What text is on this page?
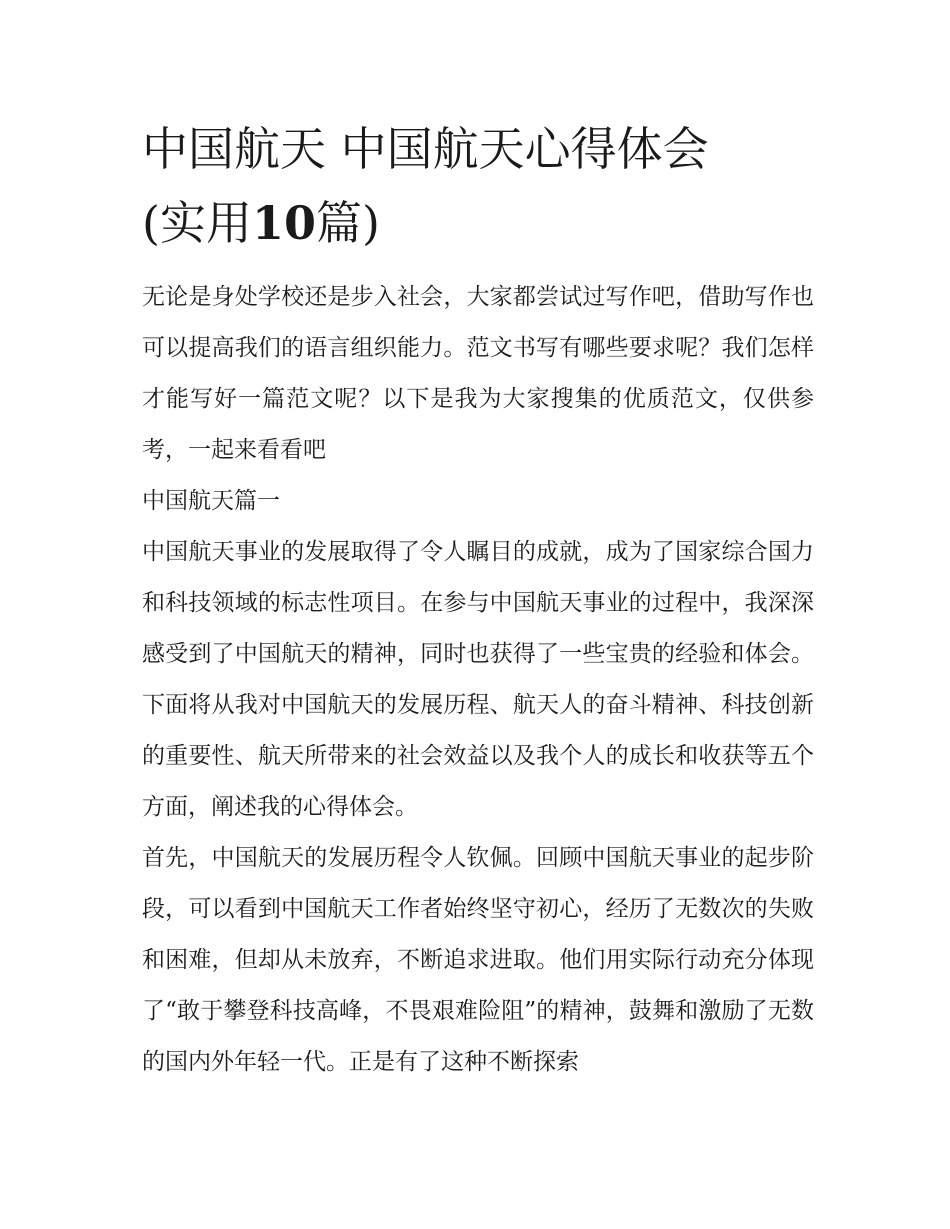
中国航天 中国航天心得体会
(实用10篇)

无论是身处学校还是步入社会，大家都尝试过写作吧，借助写作也可以提高我们的语言组织能力。范文书写有哪些要求呢？我们怎样才能写好一篇范文呢？以下是我为大家搜集的优质范文，仅供参考，一起来看看吧

中国航天篇一

中国航天事业的发展取得了令人瞩目的成就，成为了国家综合国力和科技领域的标志性项目。在参与中国航天事业的过程中，我深深感受到了中国航天的精神，同时也获得了一些宝贵的经验和体会。下面将从我对中国航天的发展历程、航天人的奋斗精神、科技创新的重要性、航天所带来的社会效益以及我个人的成长和收获等五个方面，阐述我的心得体会。

首先，中国航天的发展历程令人钦佩。回顾中国航天事业的起步阶段，可以看到中国航天工作者始终坚守初心，经历了无数次的失败和困难，但却从未放弃，不断追求进取。他们用实际行动充分体现了“敢于攀登科技高峰，不畏艰难险阻”的精神，鼓舞和激励了无数的国内外年轻一代。正是有了这种不断探索
